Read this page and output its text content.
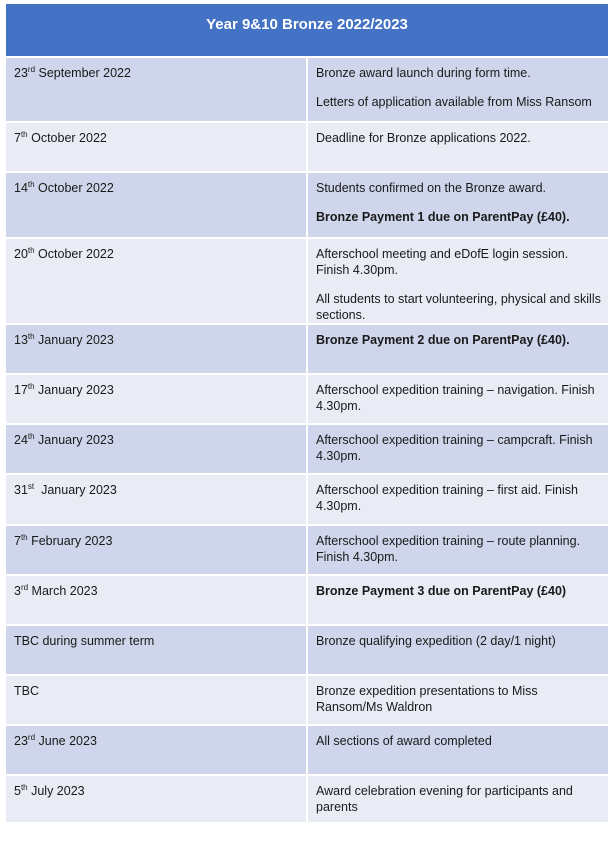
Year 9&10 Bronze 2022/2023	

23rd September 2022	Bronze award launch during form time.
Letters of application available from Miss Ransom

7th October 2022	Deadline for Bronze applications 2022.

14th October 2022	Students confirmed on the Bronze award.
Bronze Payment 1 due on ParentPay (£40).

20th October 2022	Afterschool meeting and eDofE login session. Finish 4.30pm.
All students to start volunteering, physical and skills sections.

13th January 2023	Bronze Payment 2 due on ParentPay (£40).

17th January 2023	Afterschool expedition training – navigation. Finish 4.30pm.

24th January 2023	Afterschool expedition training – campcraft. Finish 4.30pm.

31st  January 2023	Afterschool expedition training – first aid. Finish 4.30pm.

7th February 2023	Afterschool expedition training – route planning. Finish 4.30pm.

3rd March 2023	Bronze Payment 3 due on ParentPay (£40)

TBC during summer term	Bronze qualifying expedition (2 day/1 night)

TBC	Bronze expedition presentations to Miss Ransom/Ms Waldron

23rd June 2023	All sections of award completed

5th July 2023	Award celebration evening for participants and parents
